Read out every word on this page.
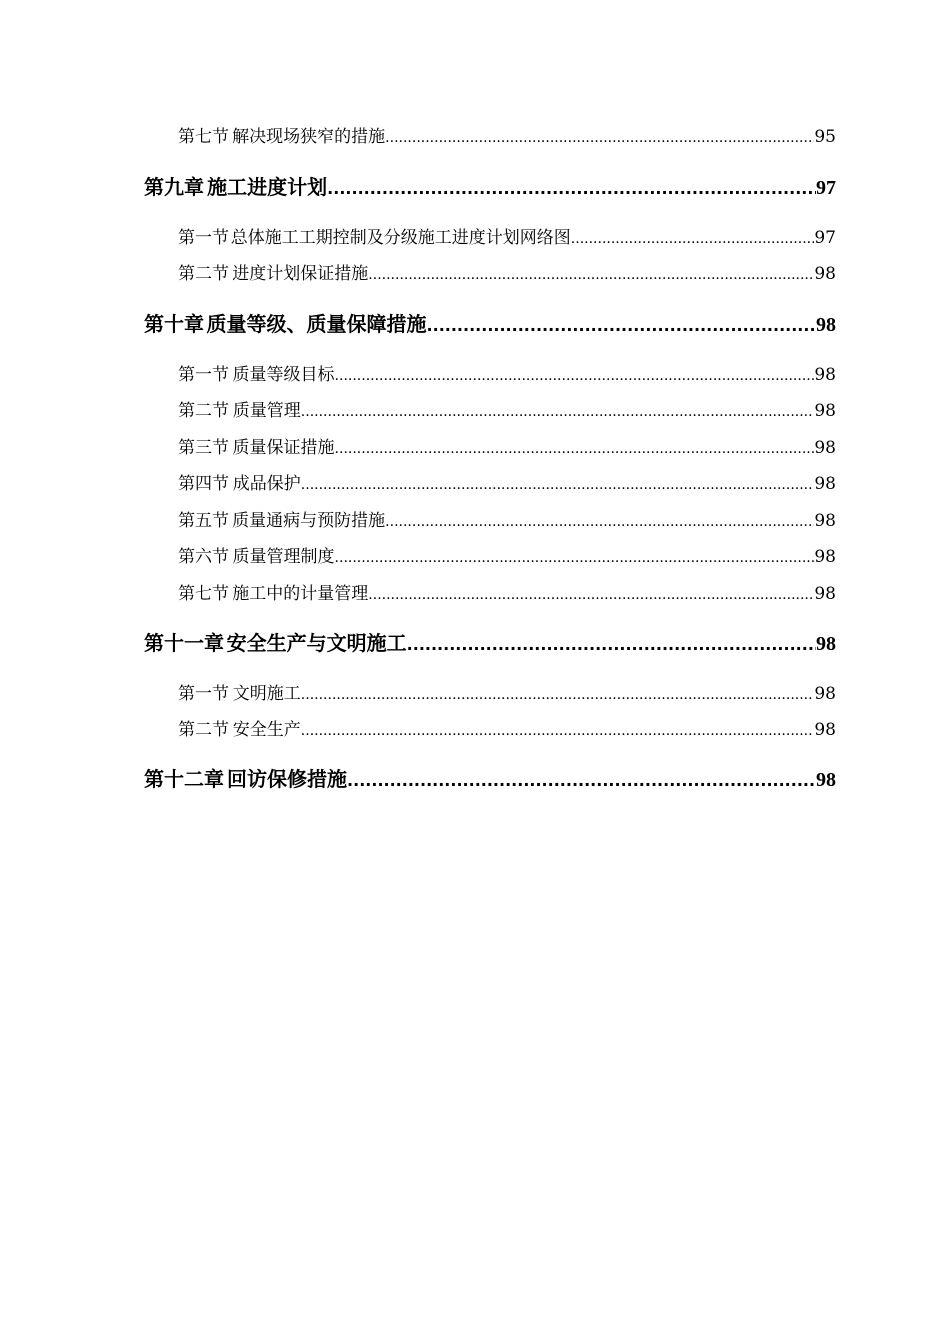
第七节 解决现场狭窄的措施 .....	95
第九章 施工进度计划 .....	97
第一节 总体施工工期控制及分级施工进度计划网络图 .....	97
第二节 进度计划保证措施 .....	98
第十章 质量等级、质量保障措施 .....	98
第一节 质量等级目标 .....	98
第二节 质量管理 .....	98
第三节 质量保证措施 .....	98
第四节 成品保护 .....	98
第五节 质量通病与预防措施 .....	98
第六节 质量管理制度 .....	98
第七节 施工中的计量管理 .....	98
第十一章 安全生产与文明施工 .....	98
第一节 文明施工 .....	98
第二节 安全生产 .....	98
第十二章 回访保修措施 .....	98
